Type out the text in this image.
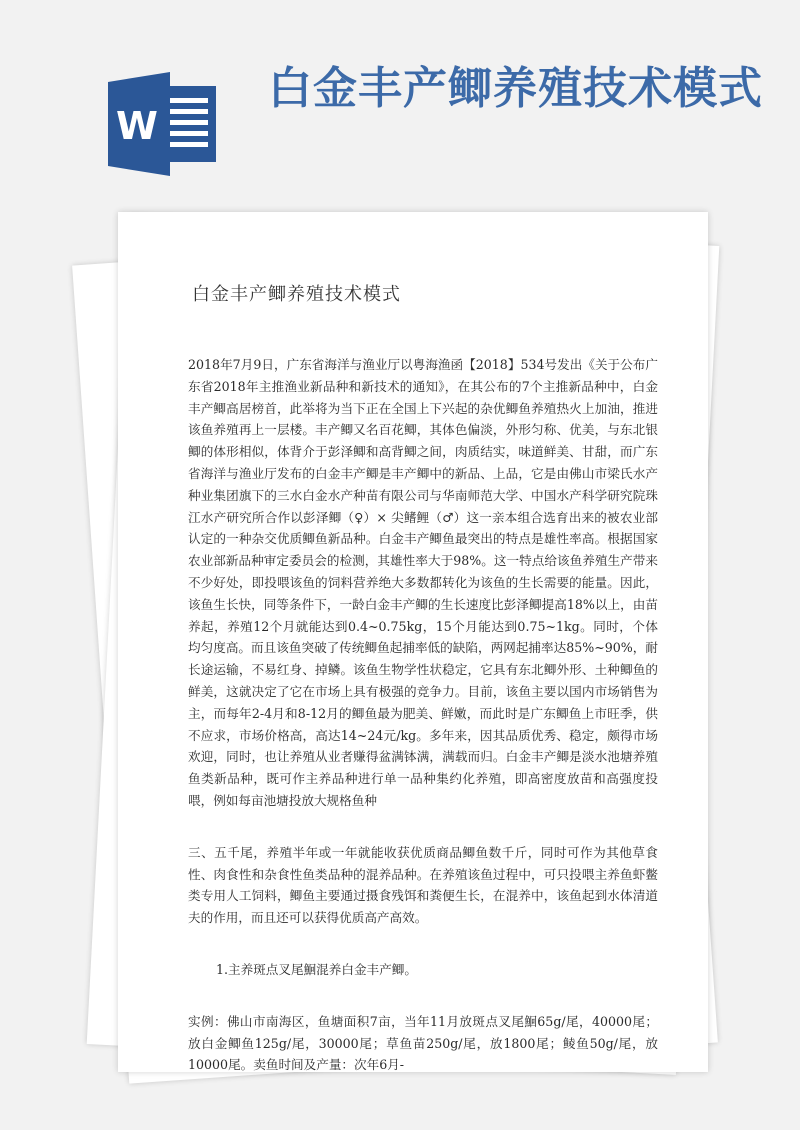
W
白金丰产鲫养殖技术模式
白金丰产鲫养殖技术模式

2018年7月9日，广东省海洋与渔业厅以粤海渔函【2018】534号发出《关于公布广东省2018年主推渔业新品种和新技术的通知》，在其公布的7个主推新品种中，白金丰产鲫高居榜首，此举将为当下正在全国上下兴起的杂优鲫鱼养殖热火上加油，推进该鱼养殖再上一层楼。丰产鲫又名百花鲫，其体色偏淡，外形匀称、优美，与东北银鲫的体形相似，体背介于彭泽鲫和高背鲫之间，肉质结实，味道鲜美、甘甜，而广东省海洋与渔业厅发布的白金丰产鲫是丰产鲫中的新品、上品，它是由佛山市梁氏水产种业集团旗下的三水白金水产种苗有限公司与华南师范大学、中国水产科学研究院珠江水产研究所合作以彭泽鲫（♀）× 尖鳍鲤（♂）这一亲本组合选育出来的被农业部认定的一种杂交优质鲫鱼新品种。白金丰产鲫鱼最突出的特点是雄性率高。根据国家农业部新品种审定委员会的检测，其雄性率大于98%。这一特点给该鱼养殖生产带来不少好处，即投喂该鱼的饲料营养绝大多数都转化为该鱼的生长需要的能量。因此，该鱼生长快，同等条件下，一龄白金丰产鲫的生长速度比彭泽鲫提高18%以上，由苗养起，养殖12个月就能达到0.4~0.75kg，15个月能达到0.75~1kg。同时，个体均匀度高。而且该鱼突破了传统鲫鱼起捕率低的缺陷，两网起捕率达85%~90%，耐长途运输，不易红身、掉鳞。该鱼生物学性状稳定，它具有东北鲫外形、土种鲫鱼的鲜美，这就决定了它在市场上具有极强的竞争力。目前，该鱼主要以国内市场销售为主，而每年2-4月和8-12月的鲫鱼最为肥美、鲜嫩，而此时是广东鲫鱼上市旺季，供不应求，市场价格高，高达14~24元/kg。多年来，因其品质优秀、稳定，颇得市场欢迎，同时，也让养殖从业者赚得盆满钵满，满载而归。白金丰产鲫是淡水池塘养殖鱼类新品种，既可作主养品种进行单一品种集约化养殖，即高密度放苗和高强度投喂，例如每亩池塘投放大规格鱼种

三、五千尾，养殖半年或一年就能收获优质商品鲫鱼数千斤，同时可作为其他草食性、肉食性和杂食性鱼类品种的混养品种。在养殖该鱼过程中，可只投喂主养鱼虾鳖类专用人工饲料，鲫鱼主要通过摄食残饵和粪便生长，在混养中，该鱼起到水体清道夫的作用，而且还可以获得优质高产高效。

1.主养斑点叉尾鮰混养白金丰产鲫。

实例：佛山市南海区，鱼塘面积7亩，当年11月放斑点叉尾鮰65g/尾，40000尾；放白金鲫鱼125g/尾，30000尾；草鱼苗250g/尾，放1800尾；鲮鱼50g/尾，放10000尾。卖鱼时间及产量：次年6月-
